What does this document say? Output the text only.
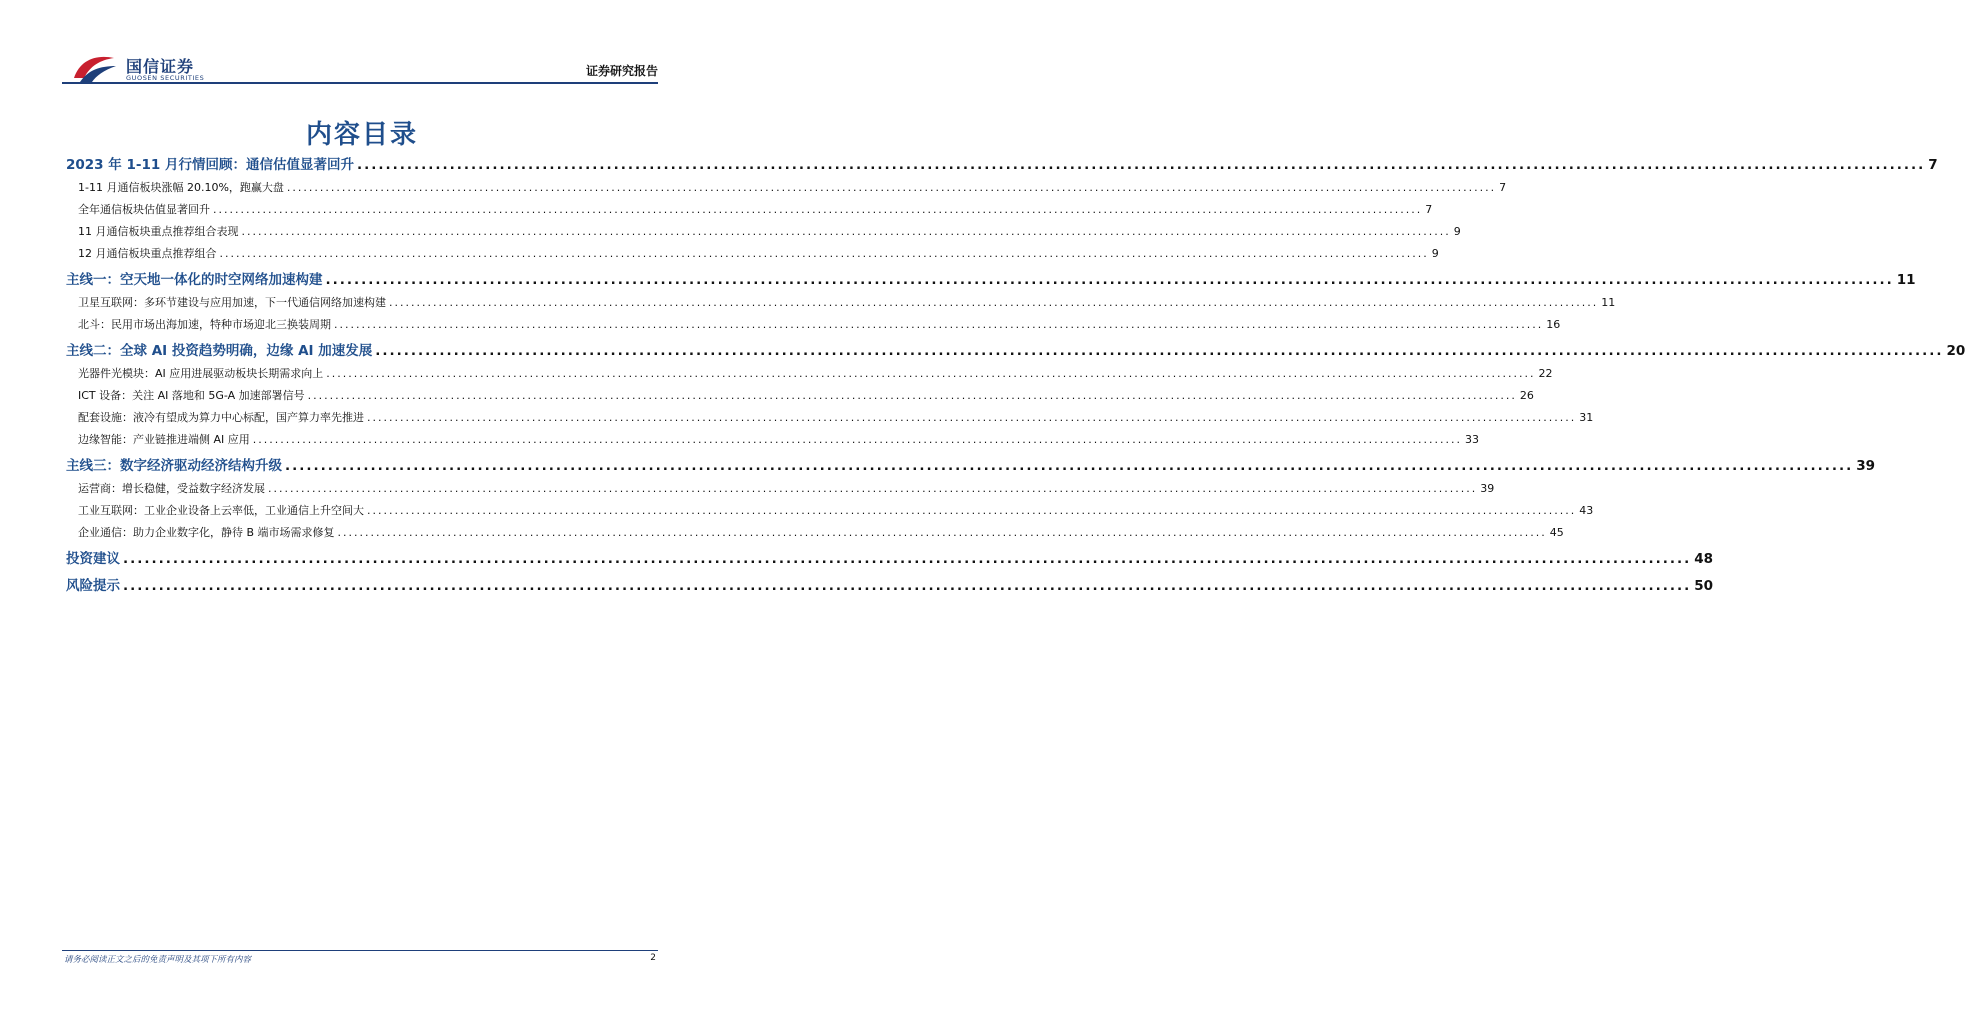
国信证券
GUOSEN SECURITIES	证券研究报告
内容目录
2023 年 1-11 月行情回顾：通信估值显著回升 ............................................................................................................................................................................................................................ 7
1-11 月通信板块涨幅 20.10%，跑赢大盘 ............................................................................................................................................................................................................................ 7
全年通信板块估值显著回升 ............................................................................................................................................................................................................................ 7
11 月通信板块重点推荐组合表现 ............................................................................................................................................................................................................................ 9
12 月通信板块重点推荐组合 ............................................................................................................................................................................................................................ 9
主线一：空天地一体化的时空网络加速构建 ............................................................................................................................................................................................................................ 11
卫星互联网：多环节建设与应用加速，下一代通信网络加速构建 ............................................................................................................................................................................................................................ 11
北斗：民用市场出海加速，特种市场迎北三换装周期 ............................................................................................................................................................................................................................ 16
主线二：全球 AI 投资趋势明确，边缘 AI 加速发展 ............................................................................................................................................................................................................................ 20
光器件光模块：AI 应用进展驱动板块长期需求向上 ............................................................................................................................................................................................................................ 22
ICT 设备：关注 AI 落地和 5G-A 加速部署信号 ............................................................................................................................................................................................................................ 26
配套设施：液冷有望成为算力中心标配，国产算力率先推进 ............................................................................................................................................................................................................................ 31
边缘智能：产业链推进端侧 AI 应用 ............................................................................................................................................................................................................................ 33
主线三：数字经济驱动经济结构升级 ............................................................................................................................................................................................................................ 39
运营商：增长稳健，受益数字经济发展 ............................................................................................................................................................................................................................ 39
工业互联网：工业企业设备上云率低，工业通信上升空间大 ............................................................................................................................................................................................................................ 43
企业通信：助力企业数字化，静待 B 端市场需求修复 ............................................................................................................................................................................................................................ 45
投资建议 ............................................................................................................................................................................................................................ 48
风险提示 ............................................................................................................................................................................................................................ 50
请务必阅读正文之后的免责声明及其项下所有内容	2
